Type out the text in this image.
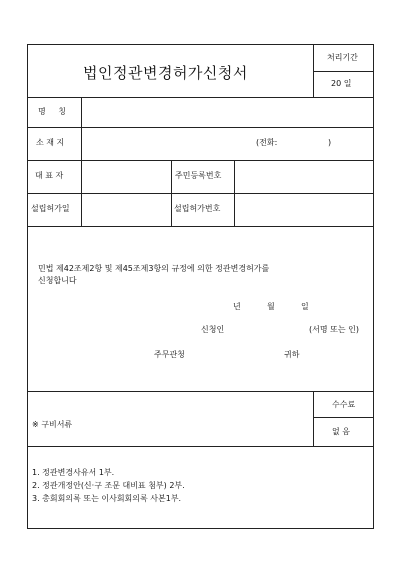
법인정관변경허가신청서
처리기간
20 일
명 칭
소 재 지	(전화:	)
대 표 자	주민등록번호
설립허가일	설립허가번호
민법 제42조제2항 및 제45조제3항의 규정에 의한 정관변경허가를
신청합니다
년	월	일
신청인	(서명 또는 인)
주무관청	귀하
※ 구비서류
수수료
없 음
1. 정관변경사유서 1부.
2. 정관개정안(신·구 조문 대비표 첨부) 2부.
3. 총회회의록 또는 이사회회의록 사본1부.
